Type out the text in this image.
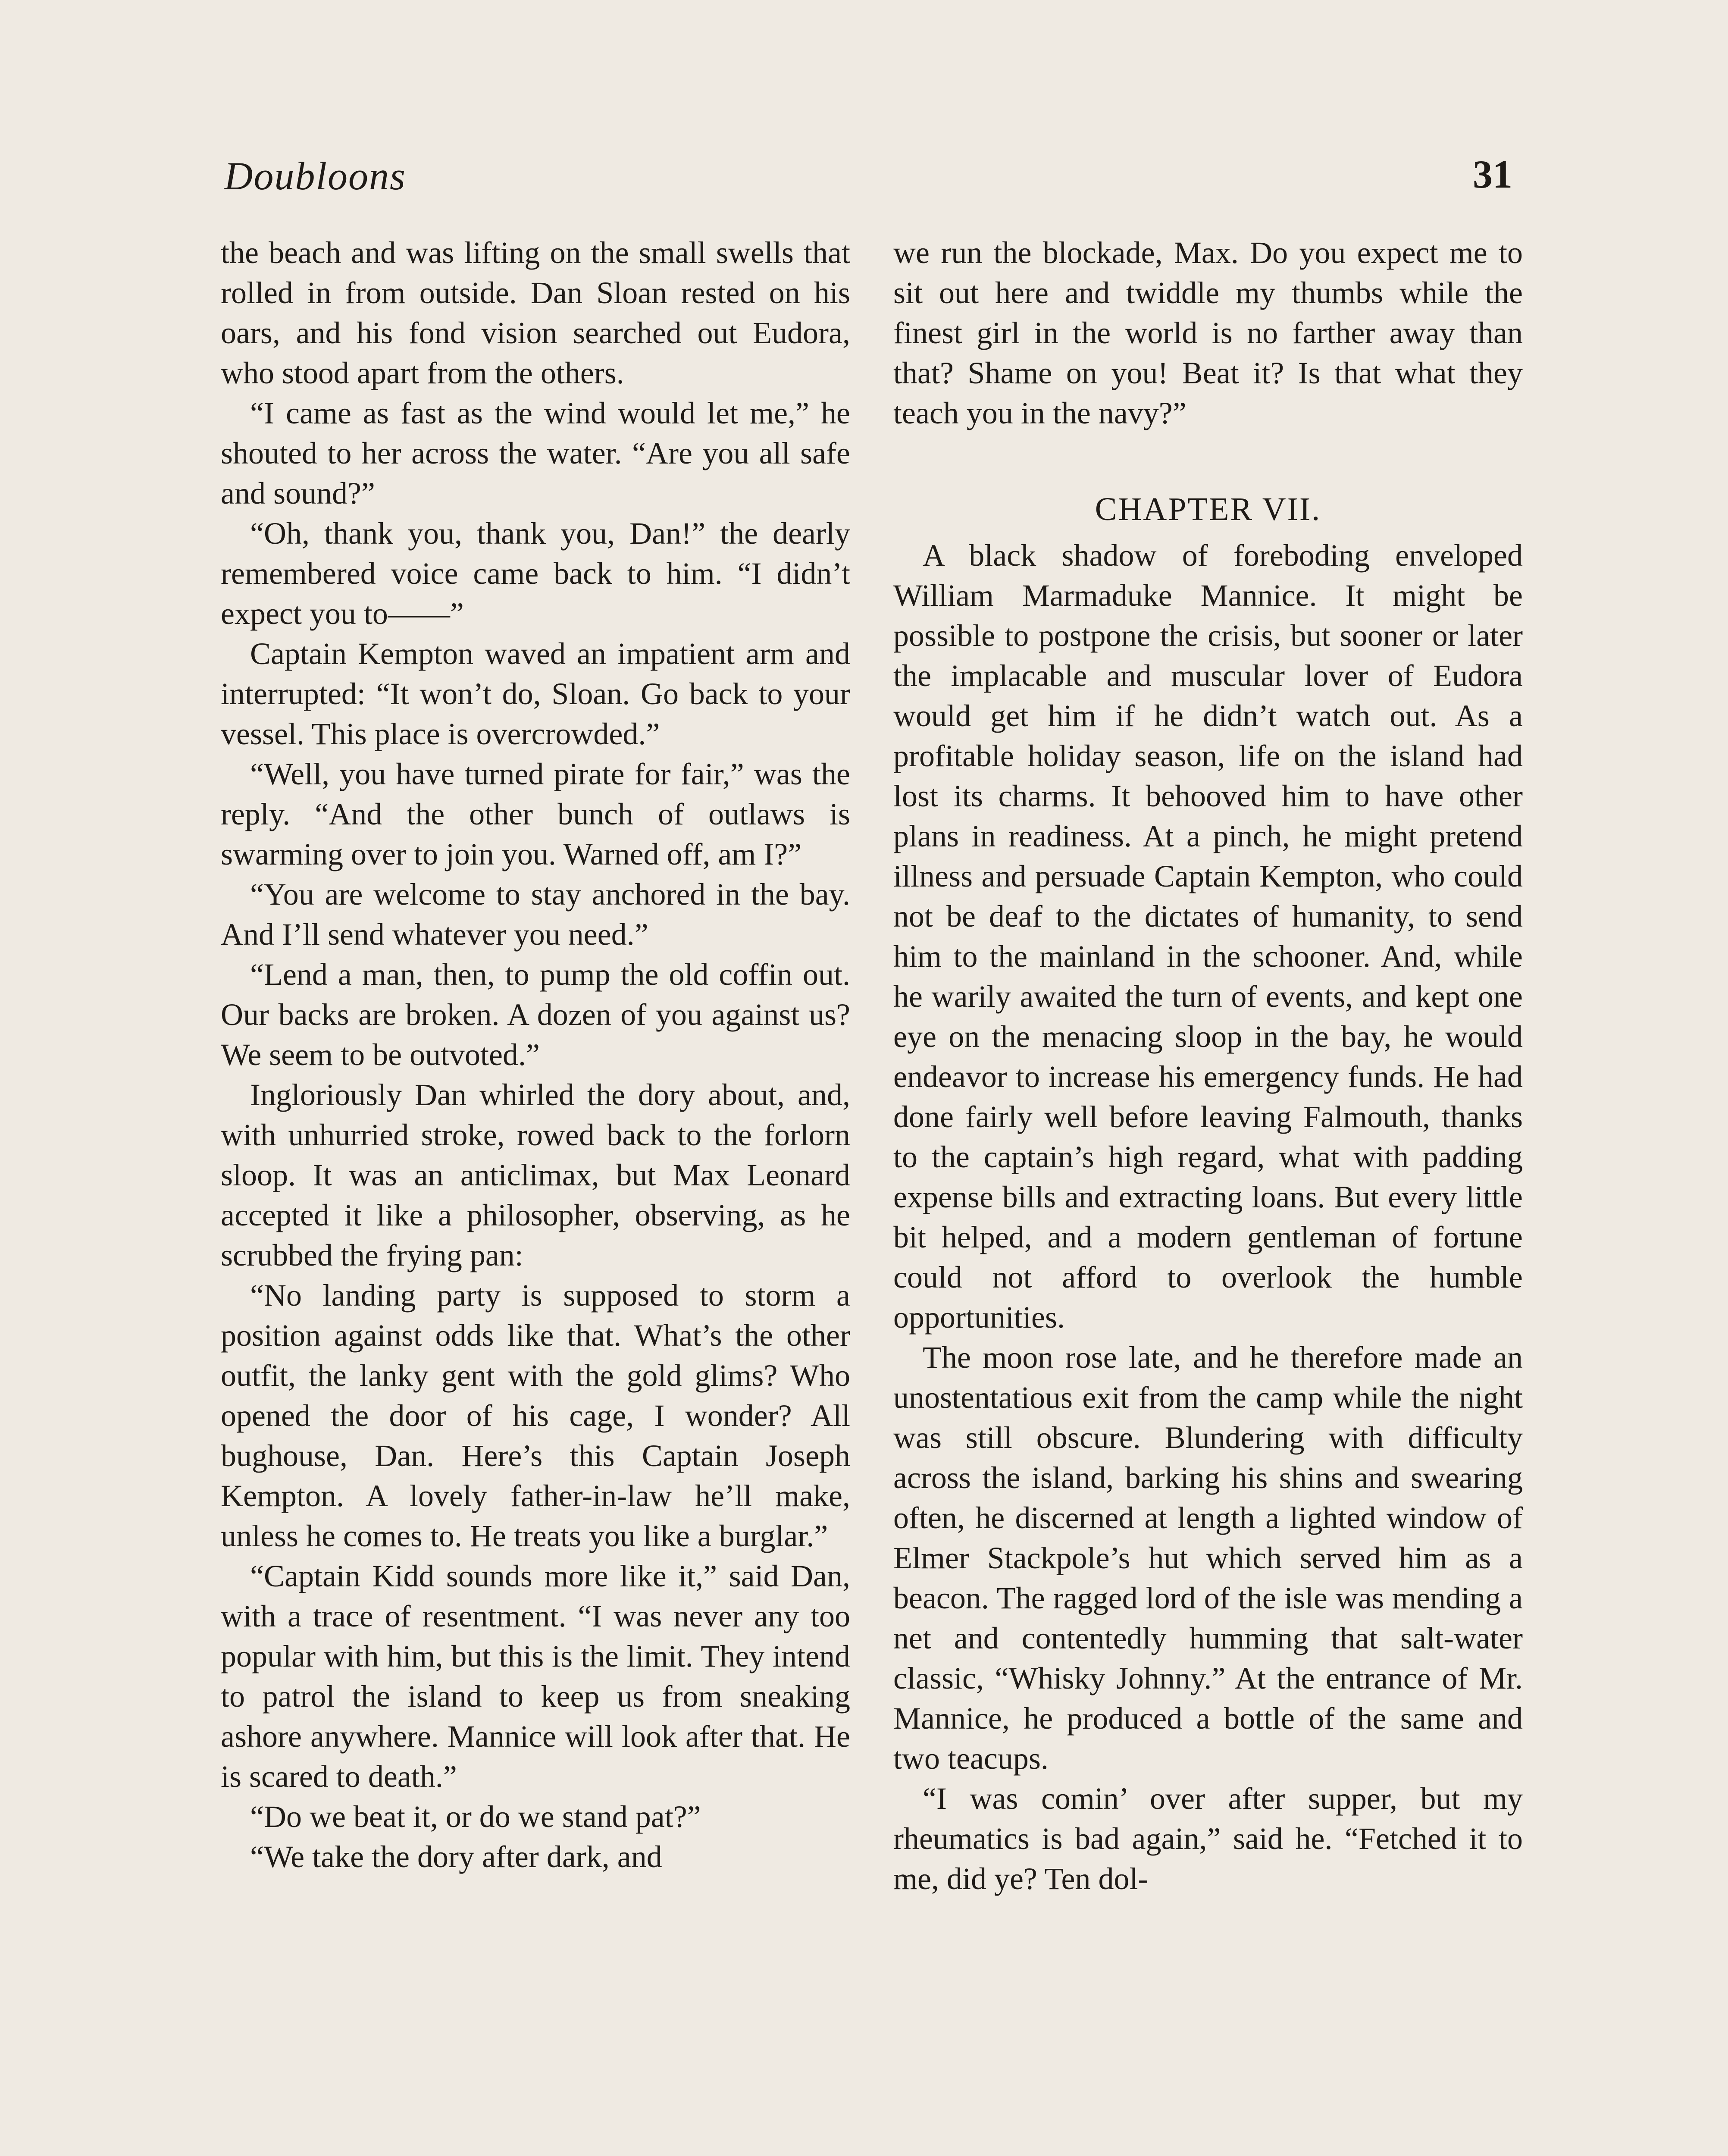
Doubloons	31

the beach and was lifting on the small swells that rolled in from outside. Dan Sloan rested on his oars, and his fond vision searched out Eudora, who stood apart from the others.

“I came as fast as the wind would let me,” he shouted to her across the water. “Are you all safe and sound?”

“Oh, thank you, thank you, Dan!” the dearly remembered voice came back to him. “I didn’t expect you to——”

Captain Kempton waved an impatient arm and interrupted: “It won’t do, Sloan. Go back to your vessel. This place is overcrowded.”

“Well, you have turned pirate for fair,” was the reply. “And the other bunch of outlaws is swarming over to join you. Warned off, am I?”

“You are welcome to stay anchored in the bay. And I’ll send whatever you need.”

“Lend a man, then, to pump the old coffin out. Our backs are broken. A dozen of you against us? We seem to be outvoted.”

Ingloriously Dan whirled the dory about, and, with unhurried stroke, rowed back to the forlorn sloop. It was an anticlimax, but Max Leonard accepted it like a philosopher, observing, as he scrubbed the frying pan:

“No landing party is supposed to storm a position against odds like that. What’s the other outfit, the lanky gent with the gold glims? Who opened the door of his cage, I wonder? All bughouse, Dan. Here’s this Captain Joseph Kempton. A lovely father-in-law he’ll make, unless he comes to. He treats you like a burglar.”

“Captain Kidd sounds more like it,” said Dan, with a trace of resentment. “I was never any too popular with him, but this is the limit. They intend to patrol the island to keep us from sneaking ashore anywhere. Mannice will look after that. He is scared to death.”

“Do we beat it, or do we stand pat?”

“We take the dory after dark, and

we run the blockade, Max. Do you expect me to sit out here and twiddle my thumbs while the finest girl in the world is no farther away than that? Shame on you! Beat it? Is that what they teach you in the navy?”

CHAPTER VII.

A black shadow of foreboding enveloped William Marmaduke Mannice. It might be possible to postpone the crisis, but sooner or later the implacable and muscular lover of Eudora would get him if he didn’t watch out. As a profitable holiday season, life on the island had lost its charms. It behooved him to have other plans in readiness. At a pinch, he might pretend illness and persuade Captain Kempton, who could not be deaf to the dictates of humanity, to send him to the mainland in the schooner. And, while he warily awaited the turn of events, and kept one eye on the menacing sloop in the bay, he would endeavor to increase his emergency funds. He had done fairly well before leaving Falmouth, thanks to the captain’s high regard, what with padding expense bills and extracting loans. But every little bit helped, and a modern gentleman of fortune could not afford to overlook the humble opportunities.

The moon rose late, and he therefore made an unostentatious exit from the camp while the night was still obscure. Blundering with difficulty across the island, barking his shins and swearing often, he discerned at length a lighted window of Elmer Stackpole’s hut which served him as a beacon. The ragged lord of the isle was mending a net and contentedly humming that salt-water classic, “Whisky Johnny.” At the entrance of Mr. Mannice, he produced a bottle of the same and two teacups.

“I was comin’ over after supper, but my rheumatics is bad again,” said he. “Fetched it to me, did ye? Ten dol-
